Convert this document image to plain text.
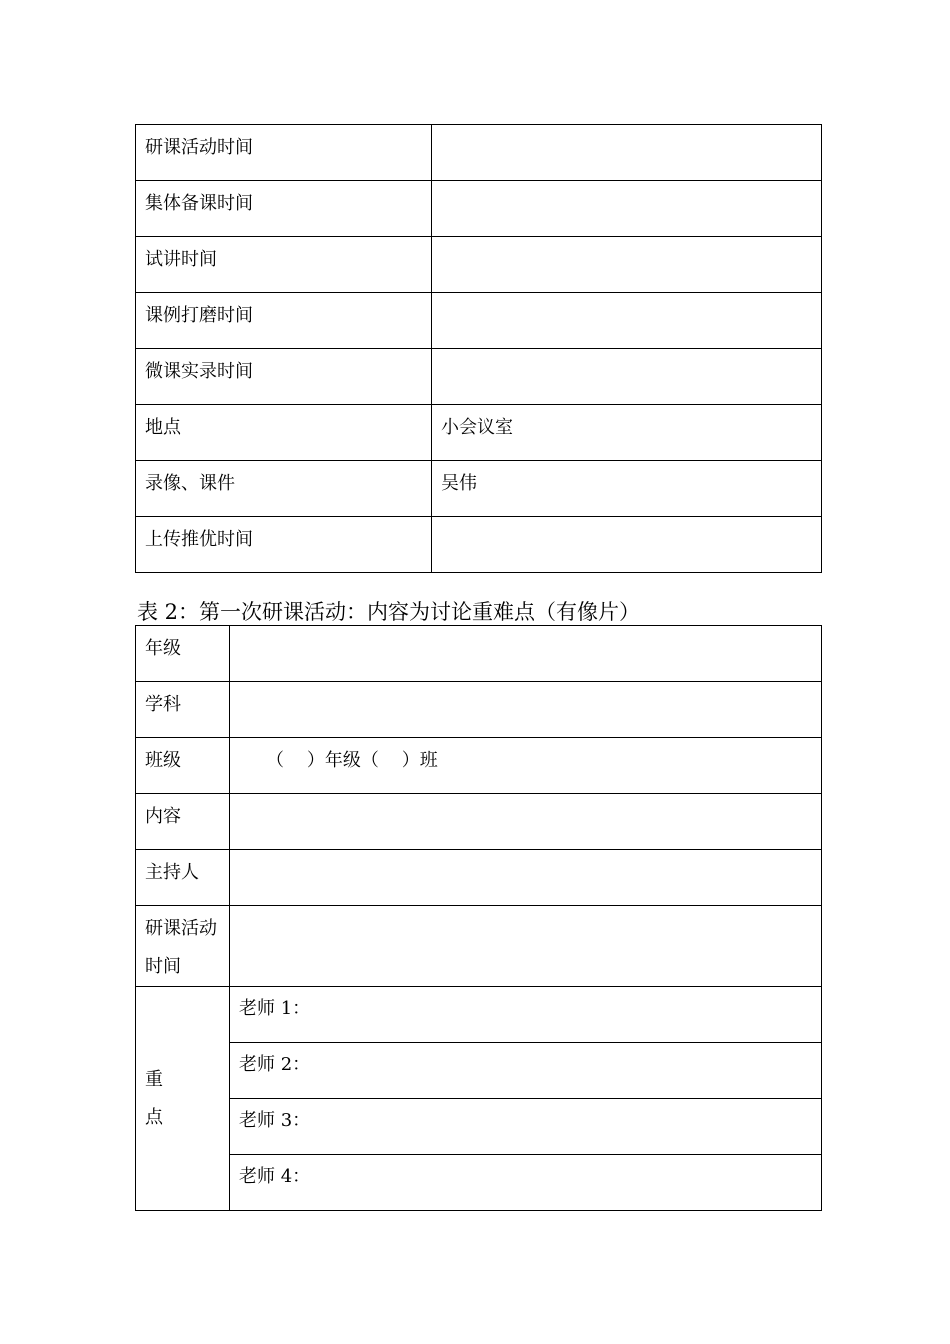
研课活动时间	
集体备课时间	
试讲时间	
课例打磨时间	
微课实录时间	
地点	小会议室
录像、课件	吴伟
上传推优时间	

表 2：第一次研课活动：内容为讨论重难点（有像片）

年级	
学科	
班级	（    ）年级（    ）班
内容	
主持人	
研课活动时间	
重点	老师 1：
	老师 2：
	老师 3：
	老师 4：
